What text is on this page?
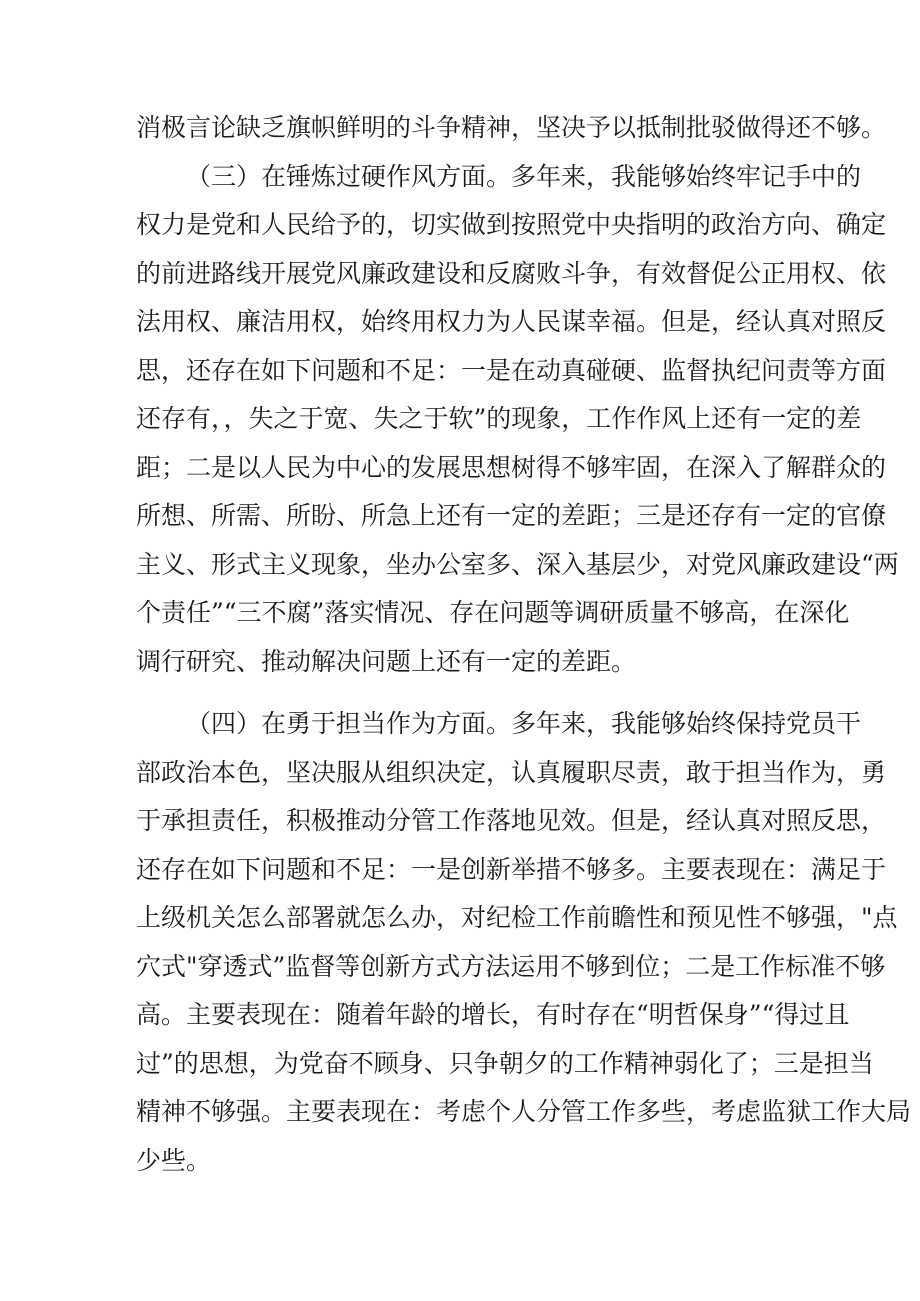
消极言论缺乏旗帜鲜明的斗争精神，坚决予以抵制批驳做得还不够。
（三）在锤炼过硬作风方面。多年来，我能够始终牢记手中的
权力是党和人民给予的，切实做到按照党中央指明的政治方向、确定
的前进路线开展党风廉政建设和反腐败斗争，有效督促公正用权、依
法用权、廉洁用权，始终用权力为人民谋幸福。但是，经认真对照反
思，还存在如下问题和不足：一是在动真碰硬、监督执纪问责等方面
还存有，，失之于宽、失之于软”的现象，工作作风上还有一定的差
距；二是以人民为中心的发展思想树得不够牢固，在深入了解群众的
所想、所需、所盼、所急上还有一定的差距；三是还存有一定的官僚
主义、形式主义现象，坐办公室多、深入基层少，对党风廉政建设“两
个责任”“三不腐”落实情况、存在问题等调研质量不够高，在深化
调行研究、推动解决问题上还有一定的差距。
（四）在勇于担当作为方面。多年来，我能够始终保持党员干
部政治本色，坚决服从组织决定，认真履职尽责，敢于担当作为，勇
于承担责任，积极推动分管工作落地见效。但是，经认真对照反思，
还存在如下问题和不足：一是创新举措不够多。主要表现在：满足于
上级机关怎么部署就怎么办，对纪检工作前瞻性和预见性不够强，"点
穴式"穿透式”监督等创新方式方法运用不够到位；二是工作标准不够
高。主要表现在：随着年龄的增长，有时存在“明哲保身”“得过且
过”的思想，为党奋不顾身、只争朝夕的工作精神弱化了；三是担当
精神不够强。主要表现在：考虑个人分管工作多些，考虑监狱工作大局
少些。
